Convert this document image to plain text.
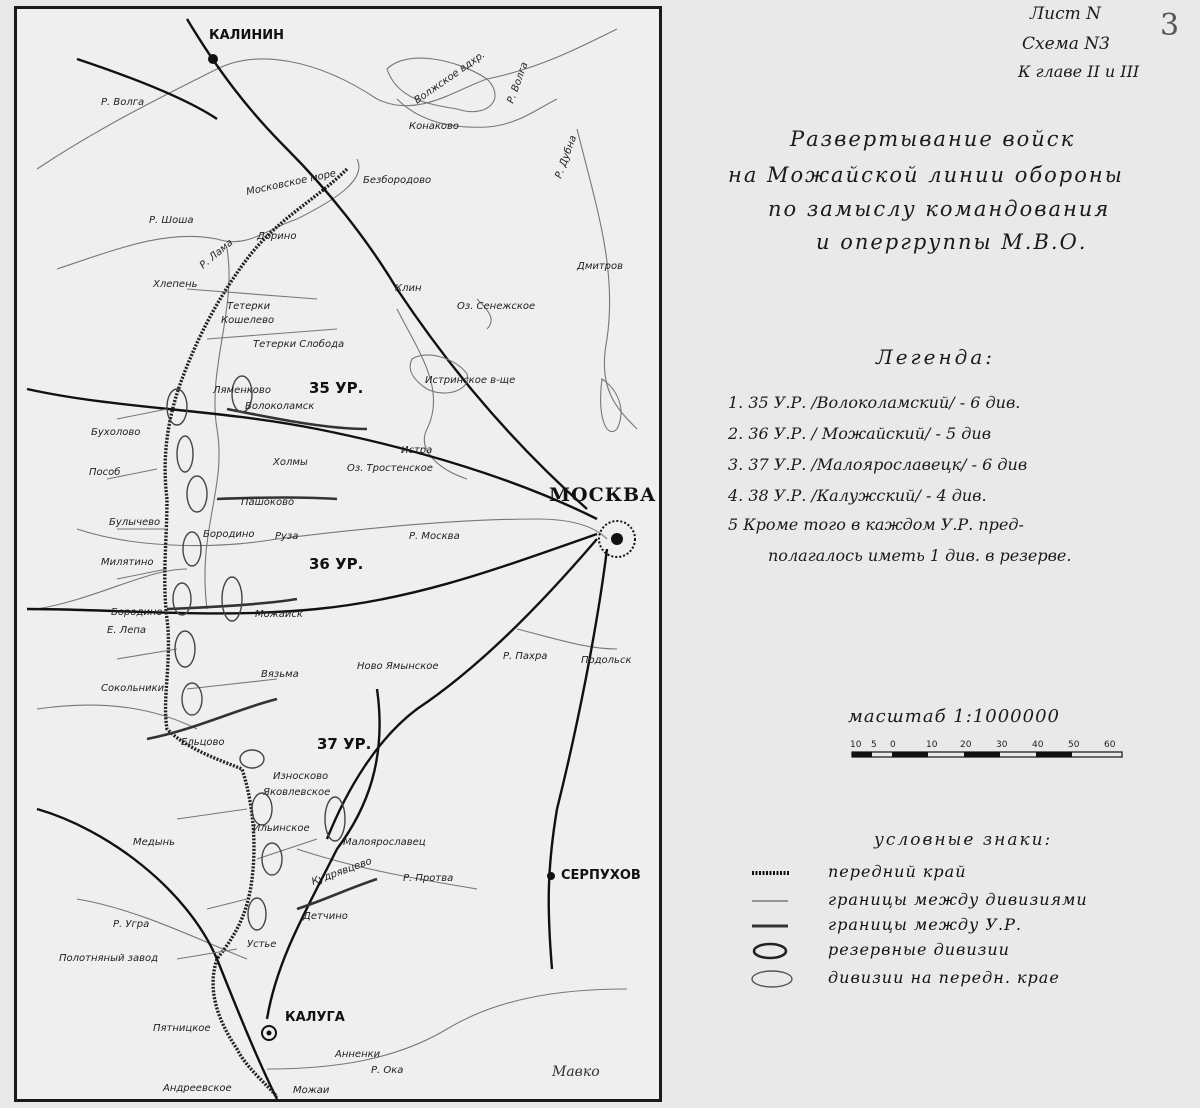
КАЛИНИН
МОСКВА
СЕРПУХОВ
КАЛУГА
35 УР.
36 УР.
37 УР.
Р. Волга	Волжское вдхр. Р. Волга
Конаково
Дмитров
Р. Дубна
Безбородово
Московское море
Р. Шоша
Дорино
Р. Лама
Клин
Оз. Сенежское
Хлепень
Тетерки
Кошелево
Тетерки Слобода
Ляменково
Волоколамск
Истринское в-ще
Бухолово
Холмы
Истра
Оз. Тростенское
Пособ
Пашоково
Булычево
Бородино Руза	Р. Москва
Милятино
Бородино	Можайск
Е. Лепа
Вязьма
Ново Ямынское
Р. Пахра	Подольск
Сокольники
Ельцово
Износково
Яковлевское
Медынь
Ильинское
Малоярославец
Р. Протва
Кудрявцево
Детчино
Р. Угра
Полотняный завод
Устье
Пятницкое
Анненки
Андреевское
Р. Ока
Можаи
Лист N
Схема N3
К главе II и III
3
Развертывание войск
на Можайской линии обороны
по замыслу командования
и опергруппы М.В.О.
Легенда:
1. 35 У.Р. /Волоколамский/ - 6 див.
2. 36 У.Р. / Можайский/ - 5 див
3. 37 У.Р. /Малоярославецк/ - 6 див
4. 38 У.Р. /Калужский/ - 4 див.
5 Кроме того в каждом У.Р. пред-
полагалось иметь 1 див. в резерве.
масштаб 1:1000000
10 5 0	10	20	30	40	50	60
условные знаки:
передний край
границы между дивизиями
границы между У.Р.
резервные дивизии
дивизии на передн. крае
Мавко
